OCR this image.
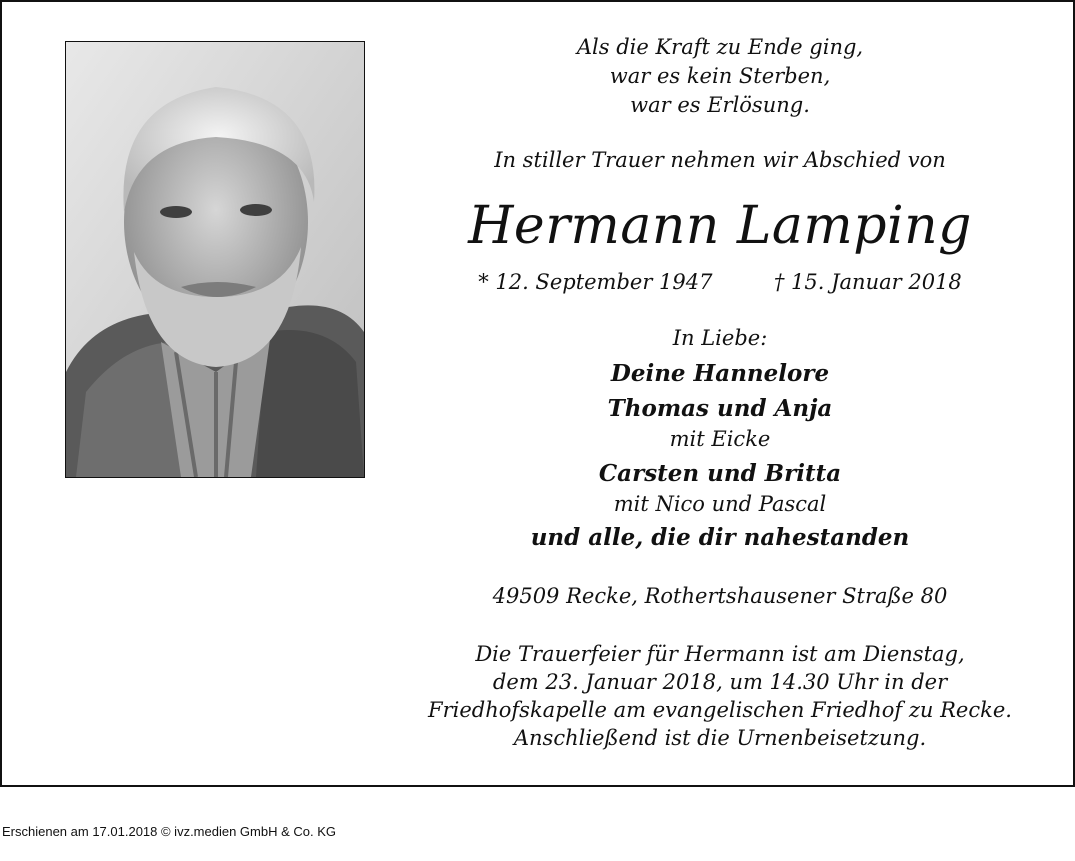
Als die Kraft zu Ende ging,
war es kein Sterben,
war es Erlösung.
In stiller Trauer nehmen wir Abschied von
Hermann Lamping
* 12. September 1947	† 15. Januar 2018
In Liebe:
Deine Hannelore
Thomas und Anja
mit Eicke
Carsten und Britta
mit Nico und Pascal
und alle, die dir nahestanden
49509 Recke, Rothertshausener Straße 80
Die Trauerfeier für Hermann ist am Dienstag,
dem 23. Januar 2018, um 14.30 Uhr in der
Friedhofskapelle am evangelischen Friedhof zu Recke.
Anschließend ist die Urnenbeisetzung.
Erschienen am 17.01.2018 © ivz.medien GmbH & Co. KG
